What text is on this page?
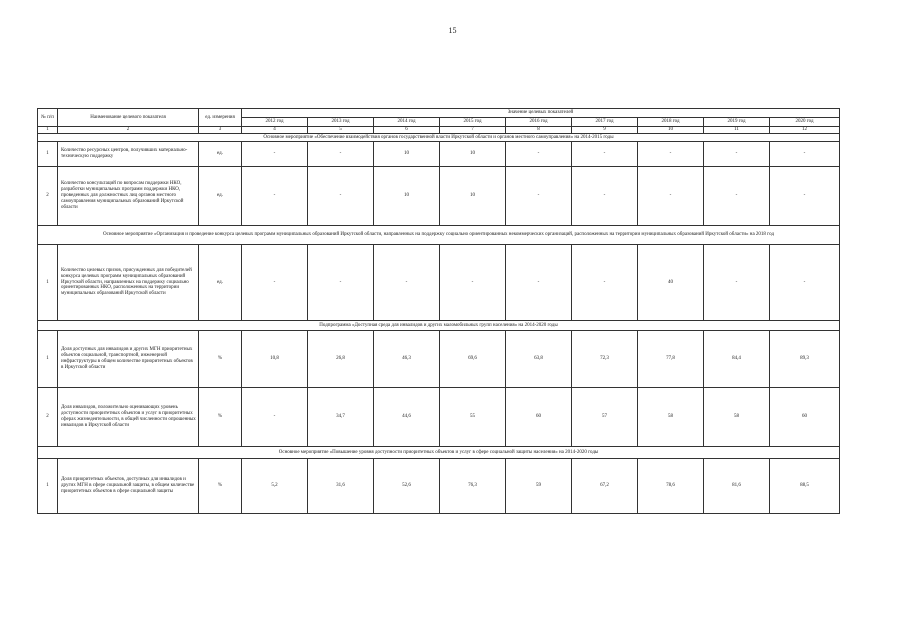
15
№ п/п	Наименование целевого показателя	ед. измерения	Значение целевых показателей								
			2012 год	2013 год	2014 год	2015 год	2016 год	2017 год	2018 год	2019 год	2020 год
1	2	3	4	5	6	7	8	9	10	11	12
Основное мероприятие «Обеспечение взаимодействия органов государственной власти Иркутской области и органов местного самоуправления» на 2014-2015 годы											
1	Количество ресурсных центров, получивших материально-техническую поддержку	ед.	-	-	10	10	-	-	-	-	-
2	Количество консультаций по вопросам поддержки НКО, разработки муниципальных программ поддержки НКО, проведенных для должностных лиц органов местного самоуправления муниципальных образований Иркутской области	ед.	-	-	10	10	-	-	-	-	-
Основное мероприятие «Организация и проведение конкурса целевых программ муниципальных образований Иркутской области, направленных на поддержку социально ориентированных некоммерческих организаций, расположенных на территории муниципальных образований Иркутской области» на 2018 год											
1	Количество целевых призов, присужденных для победителей конкурса целевых программ муниципальных образований Иркутской области, направленных на поддержку социально ориентированных НКО, расположенных на территории муниципальных образований Иркутской области	ед.	-	-	-	-	-	-	40	-	-
Подпрограмма «Доступная среда для инвалидов и других маломобильных групп населения» на 2014-2020 годы											
1	Доля доступных для инвалидов и других МГН приоритетных объектов социальной, транспортной, инженерной инфраструктуры в общем количестве приоритетных объектов в Иркутской области	%	10,8	26,8	46,3	69,6	63,8	72,3	77,8	84,4	89,3
2	Доля инвалидов, положительно оценивающих уровень доступности приоритетных объектов и услуг в приоритетных сферах жизнедеятельности, в общей численности опрошенных инвалидов в Иркутской области	%	-	34,7	44,6	55	60	57	58	58	60
Основное мероприятие «Повышение уровня доступности приоритетных объектов и услуг в сфере социальной защиты населения» на 2014-2020 годы											
1	Доля приоритетных объектов, доступных для инвалидов и других МГН в сфере социальной защиты, в общем количестве приоритетных объектов в сфере социальной защиты	%	5,2	31,6	52,6	76,3	59	67,2	78,6	81,6	88,5
